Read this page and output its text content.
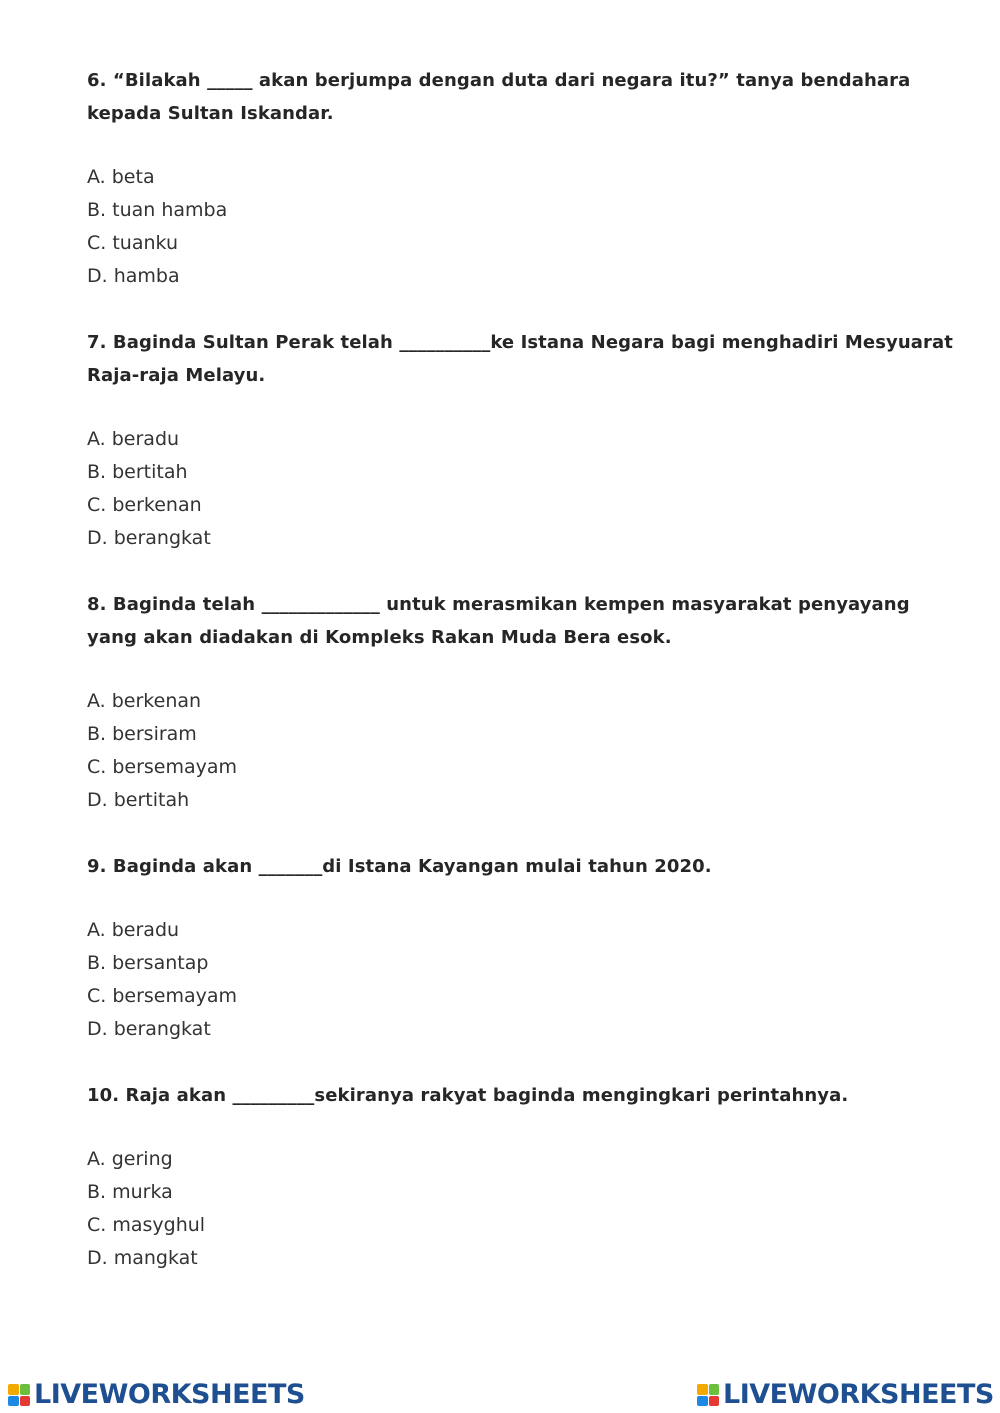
6. “Bilakah _____ akan berjumpa dengan duta dari negara itu?” tanya bendahara kepada Sultan Iskandar.

A. beta
B. tuan hamba
C. tuanku
D. hamba

7. Baginda Sultan Perak telah __________ke Istana Negara bagi menghadiri Mesyuarat Raja-raja Melayu.

A. beradu
B. bertitah
C. berkenan
D. berangkat

8. Baginda telah _____________ untuk merasmikan kempen masyarakat penyayang yang akan diadakan di Kompleks Rakan Muda Bera esok.

A. berkenan
B. bersiram
C. bersemayam
D. bertitah

9. Baginda akan _______di Istana Kayangan mulai tahun 2020.

A. beradu
B. bersantap
C. bersemayam
D. berangkat

10. Raja akan _________sekiranya rakyat baginda mengingkari perintahnya.

A. gering
B. murka
C. masyghul
D. mangkat
LIVEWORKSHEETS	LIVEWORKSHEETS
